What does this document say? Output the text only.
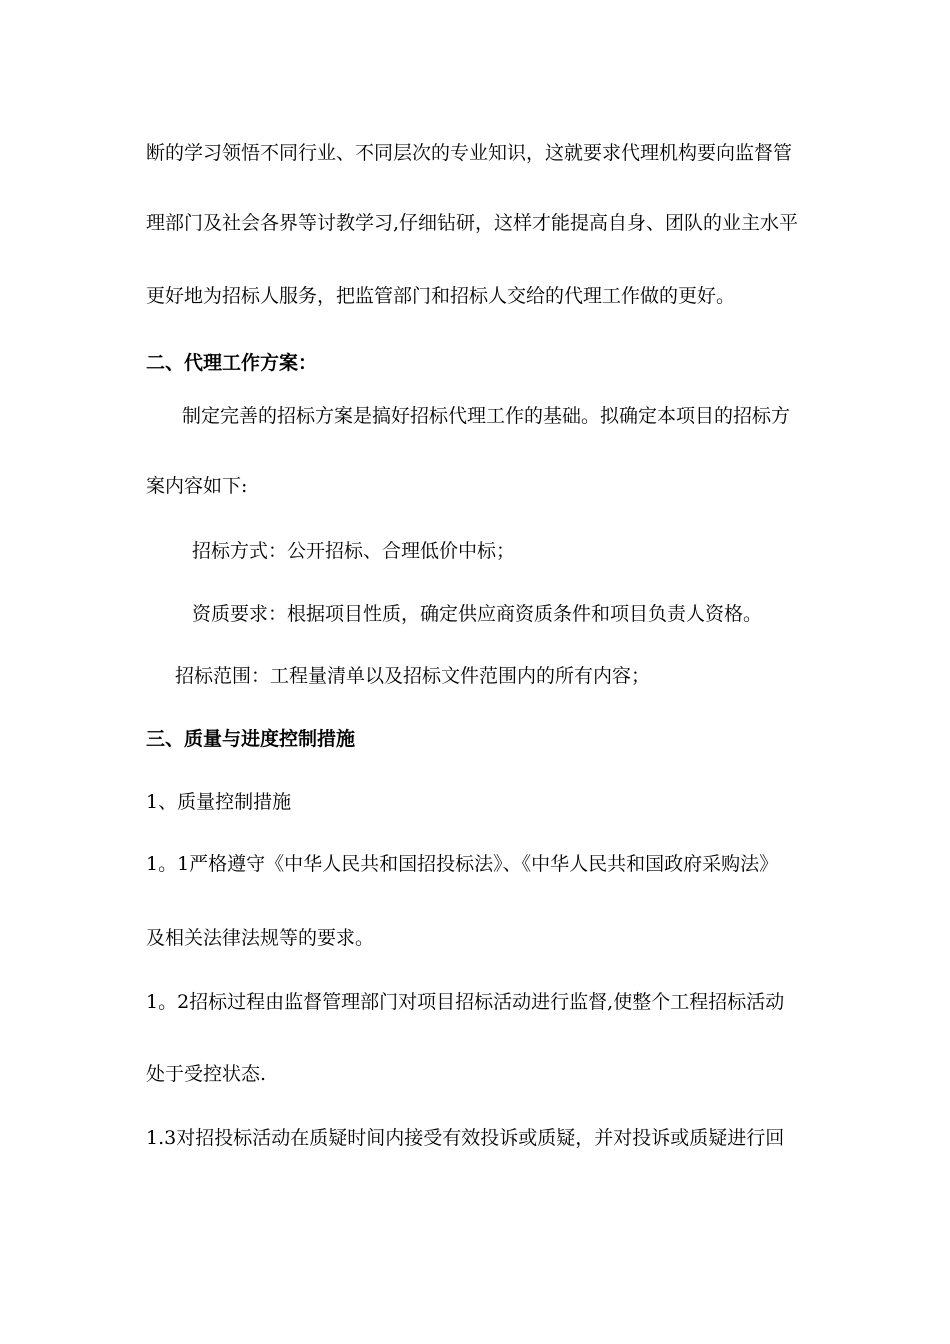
断的学习领悟不同行业、不同层次的专业知识，这就要求代理机构要向监督管
理部门及社会各界等讨教学习,仔细钻研，这样才能提高自身、团队的业主水平
更好地为招标人服务，把监管部门和招标人交给的代理工作做的更好。
二、代理工作方案：
制定完善的招标方案是搞好招标代理工作的基础。拟确定本项目的招标方
案内容如下:
招标方式：公开招标、合理低价中标；
资质要求：根据项目性质，确定供应商资质条件和项目负责人资格。
招标范围：工程量清单以及招标文件范围内的所有内容；
三、质量与进度控制措施
1、质量控制措施
1。1严格遵守《中华人民共和国招投标法》、《中华人民共和国政府采购法》
及相关法律法规等的要求。
1。2招标过程由监督管理部门对项目招标活动进行监督,使整个工程招标活动
处于受控状态.
1.3对招投标活动在质疑时间内接受有效投诉或质疑，并对投诉或质疑进行回
